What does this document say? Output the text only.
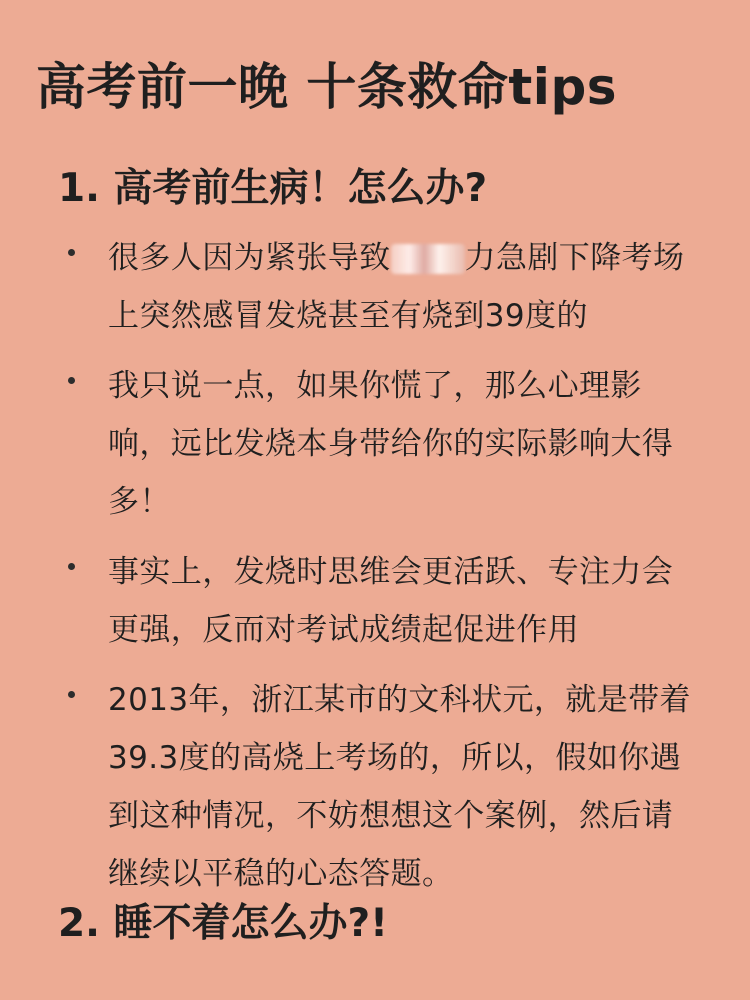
高考前一晚 十条救命tips
1. 高考前生病！怎么办?
很多人因为紧张导致 力急剧下降考场上突然感冒发烧甚至有烧到39度的
我只说一点，如果你慌了，那么心理影响，远比发烧本身带给你的实际影响大得多！
事实上，发烧时思维会更活跃、专注力会更强，反而对考试成绩起促进作用
2013年，浙江某市的文科状元，就是带着39.3度的高烧上考场的，所以，假如你遇到这种情况，不妨想想这个案例，然后请继续以平稳的心态答题。
2. 睡不着怎么办?!
